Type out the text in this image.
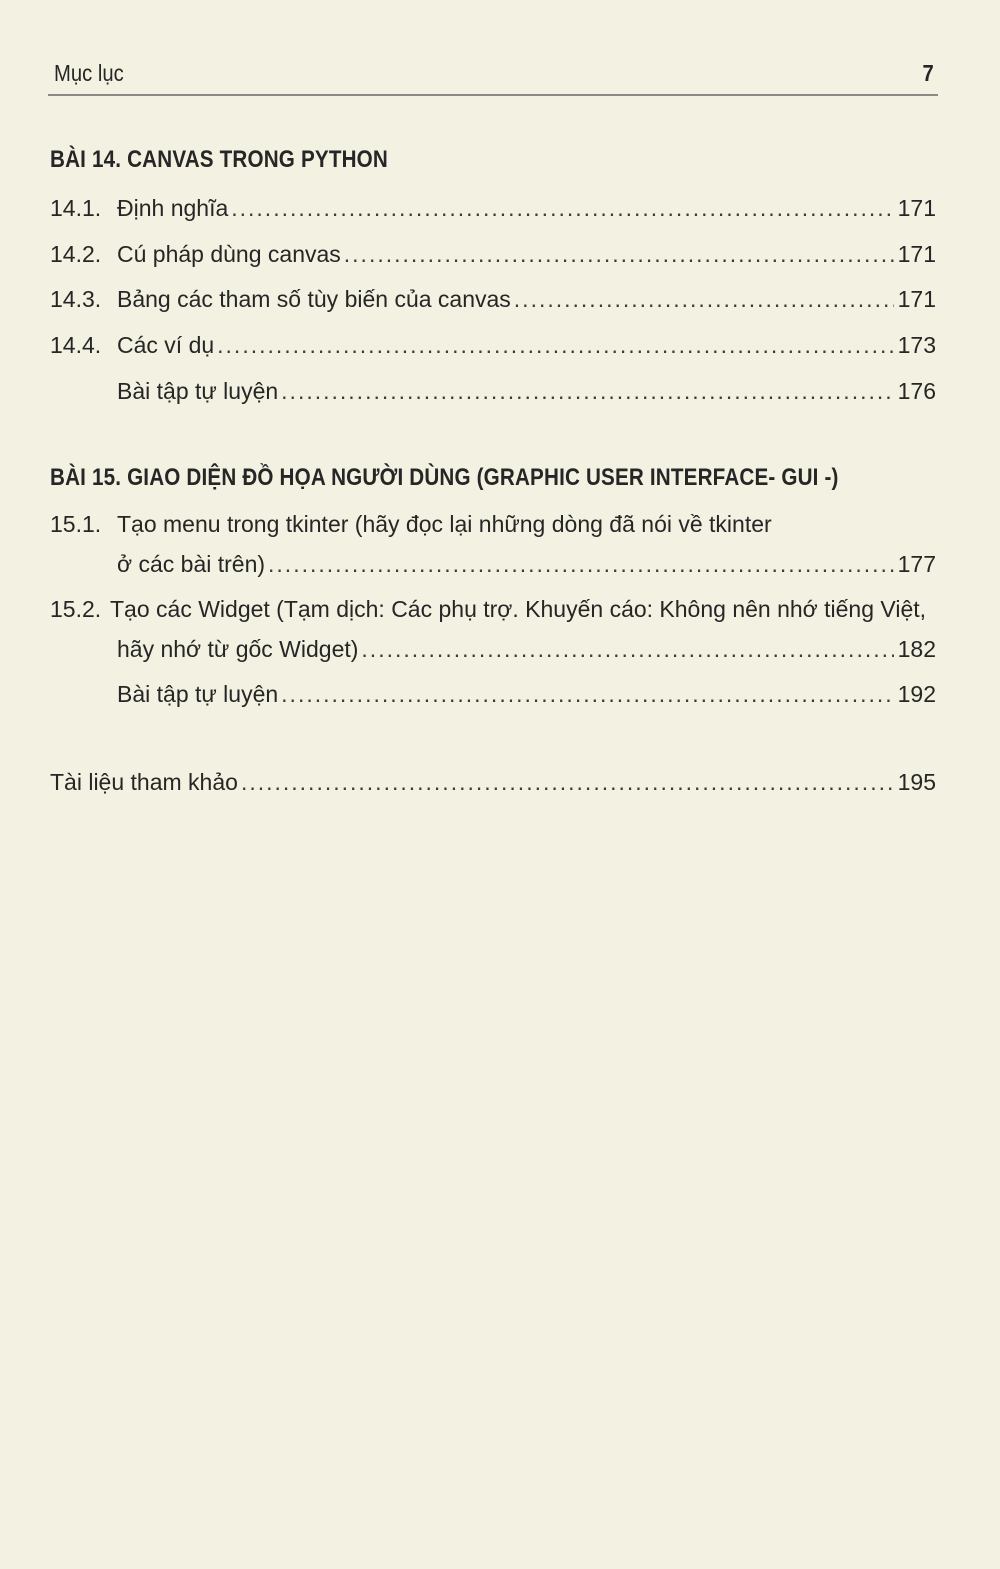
Mục lục	7
BÀI 14. CANVAS TRONG PYTHON
14.1. Định nghĩa .....	171
14.2. Cú pháp dùng canvas .....	171
14.3. Bảng các tham số tùy biến của canvas .....	171
14.4. Các ví dụ .....	173
Bài tập tự luyện .....	176
BÀI 15. GIAO DIỆN ĐỒ HỌA NGƯỜI DÙNG (GRAPHIC USER INTERFACE- GUI -)
15.1. Tạo menu trong tkinter (hãy đọc lại những dòng đã nói về tkinter
ở các bài trên) .....	177
15.2. Tạo các Widget (Tạm dịch: Các phụ trợ. Khuyến cáo: Không nên nhớ tiếng Việt,
hãy nhớ từ gốc Widget) .....	182
Bài tập tự luyện .....	192
Tài liệu tham khảo .....	195
